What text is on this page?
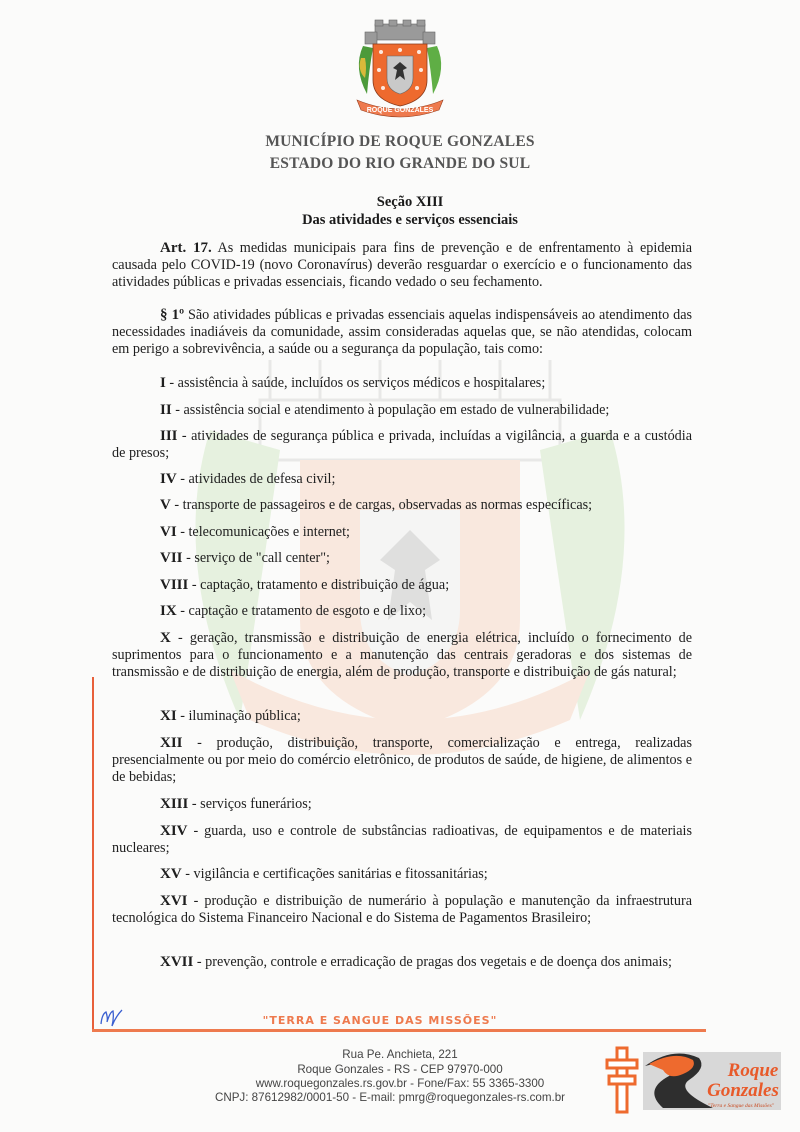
ROQUE GONZALES
MUNICÍPIO DE ROQUE GONZALES
ESTADO DO RIO GRANDE DO SUL
Seção XIII
Das atividades e serviços essenciais
Art. 17. As medidas municipais para fins de prevenção e de enfrentamento à epidemia causada pelo COVID-19 (novo Coronavírus) deverão resguardar o exercício e o funcionamento das atividades públicas e privadas essenciais, ficando vedado o seu fechamento.
§ 1º São atividades públicas e privadas essenciais aquelas indispensáveis ao atendimento das necessidades inadiáveis da comunidade, assim consideradas aquelas que, se não atendidas, colocam em perigo a sobrevivência, a saúde ou a segurança da população, tais como:
I - assistência à saúde, incluídos os serviços médicos e hospitalares;
II - assistência social e atendimento à população em estado de vulnerabilidade;
III - atividades de segurança pública e privada, incluídas a vigilância, a guarda e a custódia de presos;
IV - atividades de defesa civil;
V - transporte de passageiros e de cargas, observadas as normas específicas;
VI - telecomunicações e internet;
VII - serviço de "call center";
VIII - captação, tratamento e distribuição de água;
IX - captação e tratamento de esgoto e de lixo;
X - geração, transmissão e distribuição de energia elétrica, incluído o fornecimento de suprimentos para o funcionamento e a manutenção das centrais geradoras e dos sistemas de transmissão e de distribuição de energia, além de produção, transporte e distribuição de gás natural;
XI - iluminação pública;
XII - produção, distribuição, transporte, comercialização e entrega, realizadas presencialmente ou por meio do comércio eletrônico, de produtos de saúde, de higiene, de alimentos e de bebidas;
XIII - serviços funerários;
XIV - guarda, uso e controle de substâncias radioativas, de equipamentos e de materiais nucleares;
XV - vigilância e certificações sanitárias e fitossanitárias;
XVI - produção e distribuição de numerário à população e manutenção da infraestrutura tecnológica do Sistema Financeiro Nacional e do Sistema de Pagamentos Brasileiro;
XVII - prevenção, controle e erradicação de pragas dos vegetais e de doença dos animais;
"TERRA E SANGUE DAS MISSÕES"
Rua Pe. Anchieta, 221
Roque Gonzales - RS - CEP 97970-000
www.roquegonzales.rs.gov.br - Fone/Fax: 55 3365-3300
CNPJ: 87612982/0001-50 - E-mail: pmrg@roquegonzales-rs.com.br
Roque
Gonzales
"Terra e Sangue das Missões"
